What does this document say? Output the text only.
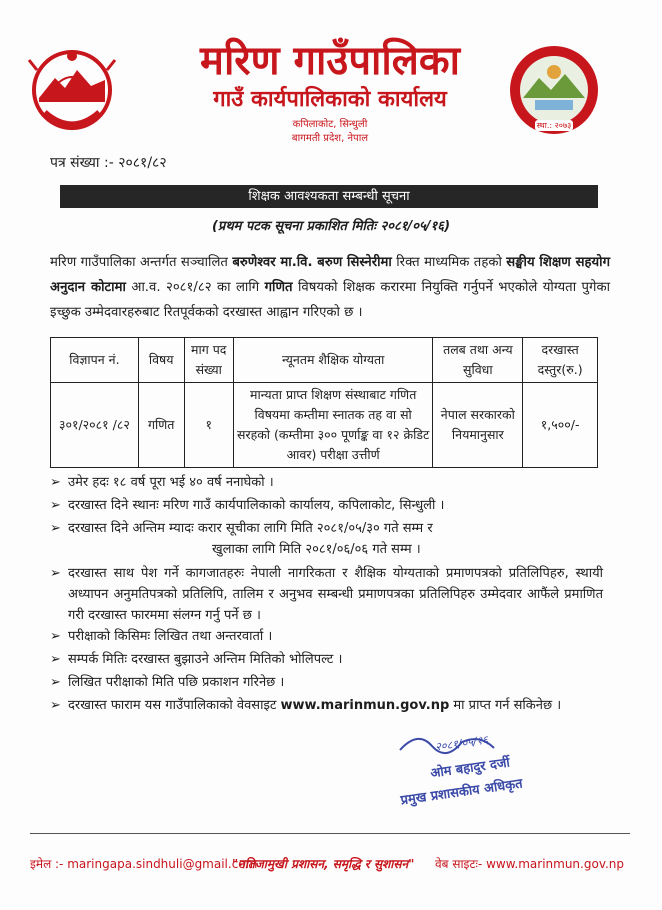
मरिण गाउँपालिका
गाउँ कार्यपालिकाको कार्यालय
कपिलाकोट, सिन्धुली
बागमती प्रदेश, नेपाल
स्था.: २०७३
पत्र संख्या :- २०८१/८२
शिक्षक आवश्यकता सम्बन्धी सूचना
(प्रथम पटक सूचना प्रकाशित मितिः २०८१/०५/१६)
मरिण गाउँपालिका अन्तर्गत सञ्चालित बरुणेश्वर मा.वि. बरुण सिस्नेरीमा रिक्त माध्यमिक तहको सङ्घीय शिक्षण सहयोग अनुदान कोटामा आ.व. २०८१/८२ का लागि गणित विषयको शिक्षक करारमा नियुक्ति गर्नुपर्ने भएकोले योग्यता पुगेका इच्छुक उम्मेदवारहरुबाट रितपूर्वकको दरखास्त आह्वान गरिएको छ ।
विज्ञापन नं.	विषय	माग पद संख्या	न्यूनतम शैक्षिक योग्यता	तलब तथा अन्य सुविधा	दरखास्त दस्तुर(रु.)
३०१/२०८१ /८२	गणित	१	मान्यता प्राप्त शिक्षण संस्थाबाट गणित विषयमा कम्तीमा स्नातक तह वा सो सरहको (कम्तीमा ३०० पूर्णाङ्क वा १२ क्रेडिट आवर) परीक्षा उत्तीर्ण	नेपाल सरकारको नियमानुसार	१,५००/-
➢ उमेर हदः १८ वर्ष पूरा भई ४० वर्ष ननाघेको ।
➢ दरखास्त दिने स्थानः मरिण गाउँ कार्यपालिकाको कार्यालय, कपिलाकोट, सिन्धुली ।
➢ दरखास्त दिने अन्तिम म्यादः करार सूचीका लागि मिति २०८१/०५/३० गते सम्म र
खुलाका लागि मिति २०८१/०६/०६ गते सम्म ।
➢ दरखास्त साथ पेश गर्ने कागजातहरुः नेपाली नागरिकता र शैक्षिक योग्यताको प्रमाणपत्रको प्रतिलिपिहरु, स्थायी अध्यापन अनुमतिपत्रको प्रतिलिपि, तालिम र अनुभव सम्बन्धी प्रमाणपत्रका प्रतिलिपिहरु उम्मेदवार आफैंले प्रमाणित गरी दरखास्त फारममा संलग्न गर्नु पर्ने छ ।
➢ परीक्षाको किसिमः लिखित तथा अन्तरवार्ता ।
➢ सम्पर्क मितिः दरखास्त बुझाउने अन्तिम मितिको भोलिपल्ट ।
➢ लिखित परीक्षाको मिति पछि प्रकाशन गरिनेछ ।
➢ दरखास्त फाराम यस गाउँपालिकाको वेवसाइट www.marinmun.gov.np मा प्राप्त गर्न सकिनेछ ।
२०८१/०५/१६
ओम बहादुर दर्जी
प्रमुख प्रशासकीय अधिकृत
इमेल :- maringapa.sindhuli@gmail.com
"नतिजामुखी प्रशासन, समृद्धि र सुशासन" वेब साइटः- www.marinmun.gov.np
